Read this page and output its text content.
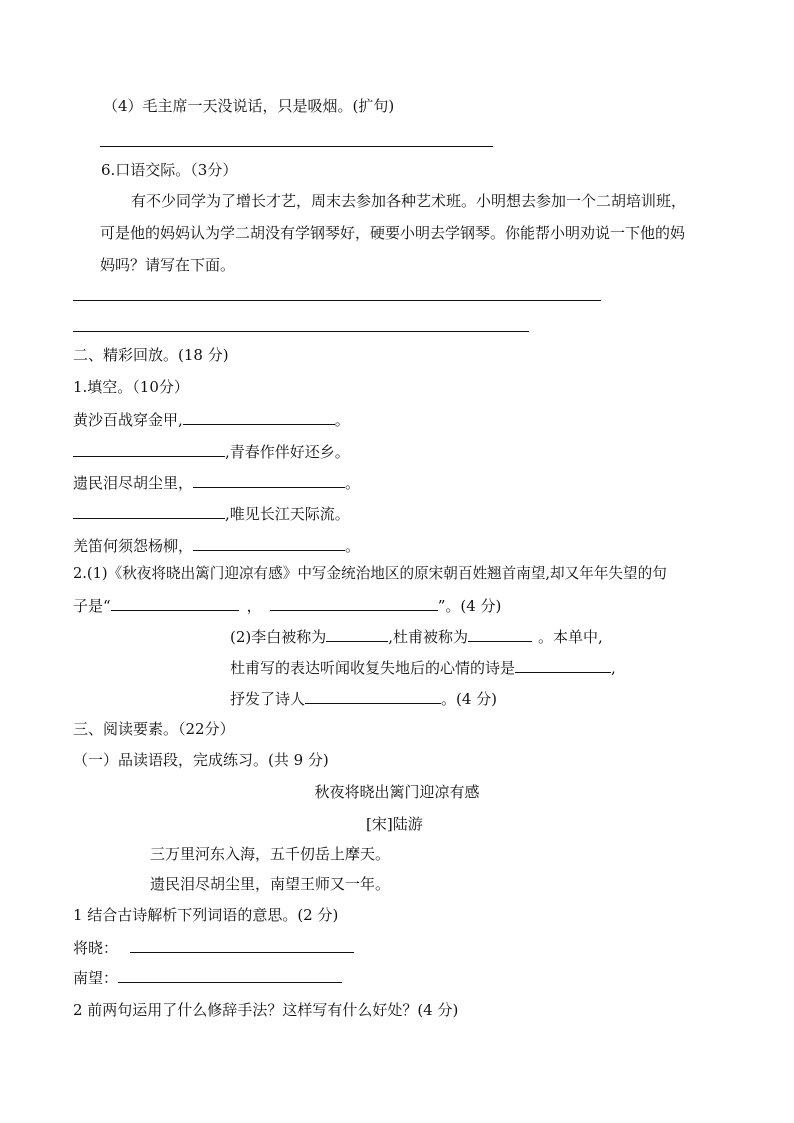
（4）毛主席一天没说话，只是吸烟。(扩句)
6.口语交际。（3分）
有不少同学为了增长才艺，周末去参加各种艺术班。小明想去参加一个二胡培训班，
可是他的妈妈认为学二胡没有学钢琴好，硬要小明去学钢琴。你能帮小明劝说一下他的妈
妈吗？请写在下面。
二、精彩回放。(18 分)
1.填空。（10分）
黄沙百战穿金甲,	。
,青春作伴好还乡。
遗民泪尽胡尘里，	。
,唯见长江天际流。
羌笛何须怨杨柳，	。
2.(1)《秋夜将晓出篱门迎凉有感》中写金统治地区的原宋朝百姓翘首南望,却又年年失望的句
子是“	，	”。(4 分)
(2)李白被称为	,杜甫被称为	。本单中,
杜甫写的表达听闻收复失地后的心情的诗是	,
抒发了诗人	。(4 分)
三、阅读要素。（22分）
（一）品读语段，完成练习。(共 9 分)
秋夜将晓出篱门迎凉有感
[宋]陆游
三万里河东入海，五千仞岳上摩天。
遗民泪尽胡尘里，南望王师又一年。
1 结合古诗解析下列词语的意思。(2 分)
将晓：
南望：
2 前两句运用了什么修辞手法？这样写有什么好处？(4 分)
